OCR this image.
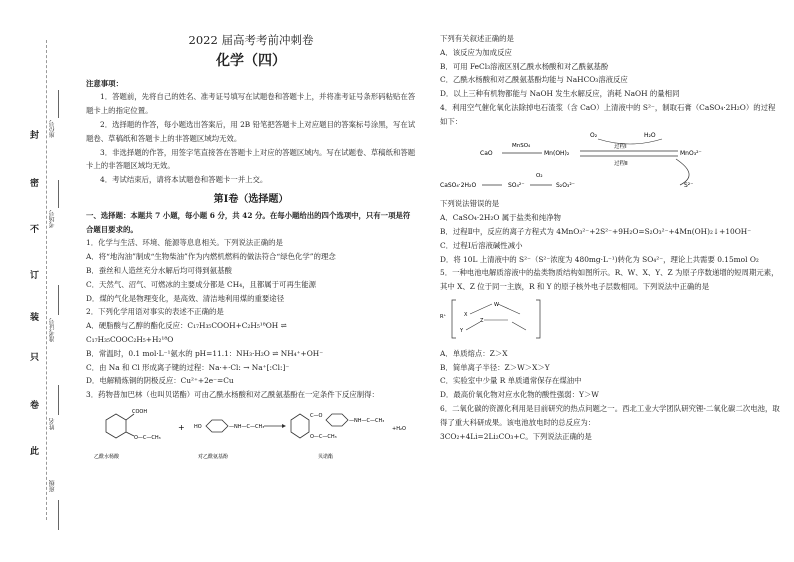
封
密
不
订
装
只
卷
此
座位号
考场号
准考证号
姓名
班级
2022 届高考考前冲刺卷
化学（四）
注意事项：

1．答题前，先将自己的姓名、准考证号填写在试题卷和答题卡上，并将准考证号条形码粘贴在答题卡上的指定位置。

2．选择题的作答，每小题选出答案后，用 2B 铅笔把答题卡上对应题目的答案标号涂黑，写在试题卷、草稿纸和答题卡上的非答题区域均无效。

3．非选择题的作答，用签字笔直接答在答题卡上对应的答题区域内。写在试题卷、草稿纸和答题卡上的非答题区域均无效。

4．考试结束后，请将本试题卷和答题卡一并上交。

第Ⅰ卷（选择题）

一、选择题：本题共 7 小题，每小题 6 分，共 42 分。在每小题给出的四个选项中，只有一项是符合题目要求的。

1．化学与生活、环境、能源等息息相关。下列说法正确的是

A．将“地沟油”制成“生物柴油”作为内燃机燃料的做法符合“绿色化学”的理念

B．蚕丝和人造丝充分水解后均可得到氨基酸

C．天然气、沼气、可燃冰的主要成分都是 CH₄，且都属于可再生能源

D．煤的气化是物理变化，是高效、清洁地利用煤的重要途径

2．下列化学用语对事实的表述不正确的是

A．硬脂酸与乙醇的酯化反应：C₁₇H₃₅COOH+C₂H₅¹⁸OH ⇌

C₁₇H₃₅COOC₂H₅+H₂¹⁸O

B．常温时，0.1 mol·L⁻¹氨水的 pH=11.1：NH₃·H₂O ⇌ NH₄⁺+OH⁻

C．由 Na 和 Cl 形成离子键的过程：Na·+·Cl: → Na⁺[:Cl:]⁻

D．电解精炼铜的阴极反应：Cu²⁺+2e⁻=Cu

3．药物普加巴林（也叫贝诺酯）可由乙酰水杨酸和对乙酰氨基酚在一定条件下反应制得：

COOH
O—C—CH₃
+ HO	—NH—C—CH₃
C—O
—NH—C—CH₃
O—C—CH₃
+H₂O
乙酰水杨酸	对乙酰氨基酚	贝诺酯

下列有关叙述正确的是

A．该反应为加成反应

B．可用 FeCl₃溶液区别乙酰水杨酸和对乙酰氨基酚

C．乙酰水杨酸和对乙酰氨基酚均能与 NaHCO₃溶液反应

D．以上三种有机物都能与 NaOH 发生水解反应，消耗 NaOH 的量相同

4．利用空气催化氧化法除掉电石渣浆（含 CaO）上清液中的 S²⁻，制取石膏（CaSO₄·2H₂O）的过程如下：

O₂	H₂O
过程Ⅰ
CaO
MnSO₄
Mn(OH)₂	MnO₃²⁻
过程Ⅱ
CaSO₄·2H₂O	SO₄²⁻
O₂
S₂O₃²⁻	S²⁻

下列说法错误的是

A．CaSO₄·2H₂O 属于盐类和纯净物

B．过程Ⅱ中，反应的离子方程式为 4MnO₃²⁻+2S²⁻+9H₂O=S₂O₃²⁻+4Mn(OH)₂↓+10OH⁻

C．过程Ⅰ后溶液碱性减小

D．将 10L 上清液中的 S²⁻（S²⁻浓度为 480mg·L⁻¹)转化为 SO₄²⁻，理论上共需要 0.15mol O₂

5．一种电池电解质溶液中的盐类物质结构如图所示。R、W、X、Y、Z 为原子序数递增的短周期元素，其中 X、Z 位于同一主族，R 和 Y 的原子核外电子层数相同。下列说法中正确的是

R⁺
W
X
Y
Z

A．单质熔点：Z＞X

B．简单离子半径：Z＞W＞X＞Y

C．实验室中少量 R 单质通常保存在煤油中

D．最高价氧化物对应水化物的酸性强弱：Y＞W

6．二氧化碳的资源化利用是目前研究的热点问题之一。西北工业大学团队研究锂-二氧化碳二次电池，取得了重大科研成果。该电池放电时的总反应为：

3CO₂+4Li=2Li₂CO₃+C。下列说法正确的是
